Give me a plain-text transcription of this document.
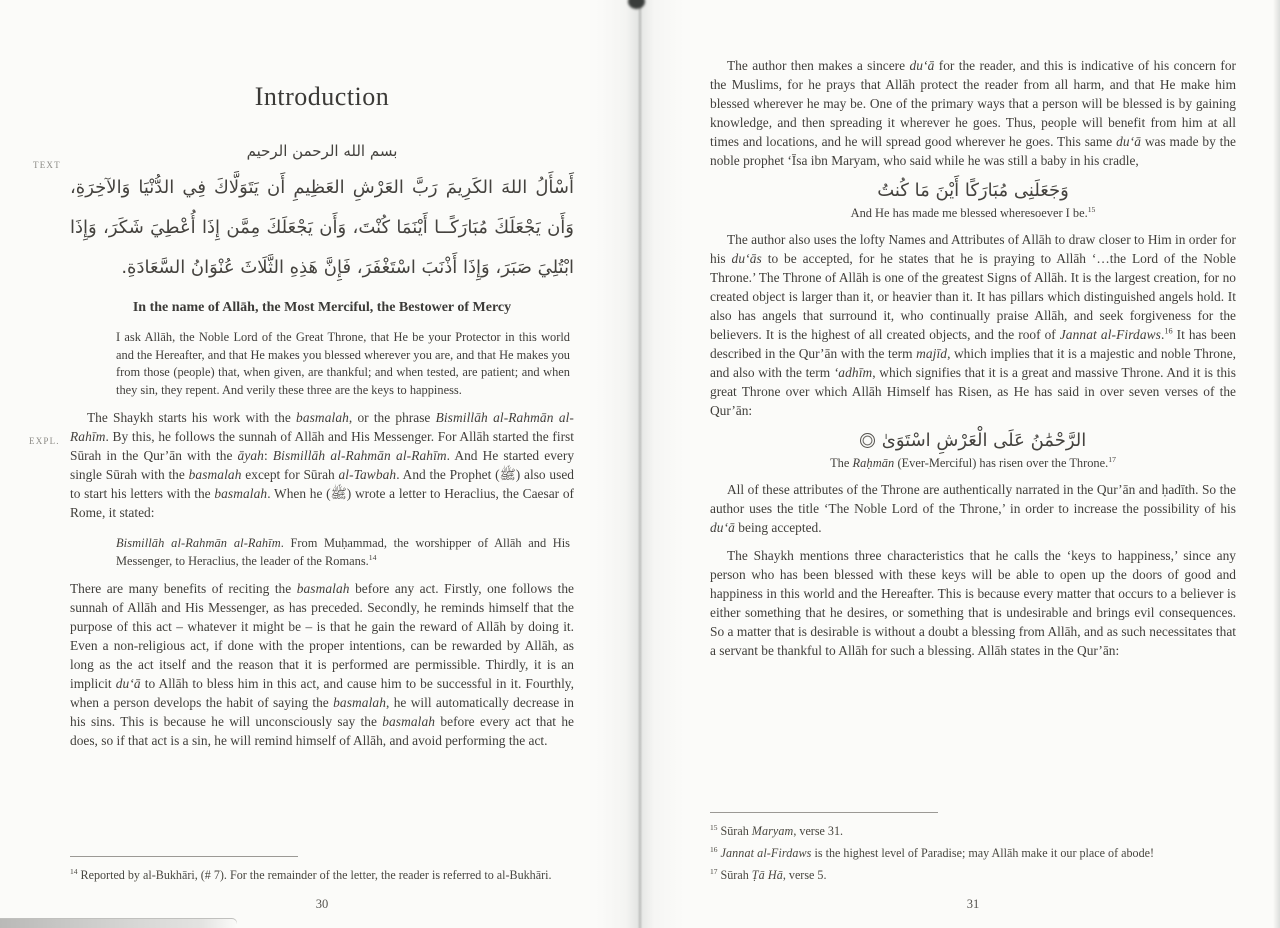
Introduction
بسم الله الرحمن الرحيم
أَسْأَلُ اللهَ الكَرِيمَ رَبَّ العَرْشِ العَظِيمِ أَن يَتَوَلَّاكَ فِي الدُّنْيَا وَالآخِرَةِ، وَأَن يَجْعَلَكَ مُبَارَكًــا أَيْنَمَا كُنْتَ، وَأَن يَجْعَلَكَ مِمَّن إِذَا أُعْطِيَ شَكَرَ، وَإِذَا ابْتُلِيَ صَبَرَ، وَإِذَا أَذْنَبَ اسْتَغْفَرَ، فَإِنَّ هَذِهِ الثَّلَاثَ عُنْوَانُ السَّعَادَةِ.
In the name of Allāh, the Most Merciful, the Bestower of Mercy
I ask Allāh, the Noble Lord of the Great Throne, that He be your Protector in this world and the Hereafter, and that He makes you blessed wherever you are, and that He makes you from those (people) that, when given, are thankful; and when tested, are patient; and when they sin, they repent. And verily these three are the keys to happiness.
The Shaykh starts his work with the basmalah, or the phrase Bismillāh al-Rahmān al-Rahīm. By this, he follows the sunnah of Allāh and His Messenger. For Allāh started the first Sūrah in the Qur’ān with the āyah: Bismillāh al-Rahmān al-Rahīm. And He started every single Sūrah with the basmalah except for Sūrah al-Tawbah. And the Prophet (ﷺ) also used to start his letters with the basmalah. When he (ﷺ) wrote a letter to Heraclius, the Caesar of Rome, it stated:
Bismillāh al-Rahmān al-Rahīm. From Muḥammad, the worshipper of Allāh and His Messenger, to Heraclius, the leader of the Romans.$^{14}$
There are many benefits of reciting the basmalah before any act. Firstly, one follows the sunnah of Allāh and His Messenger, as has preceded. Secondly, he reminds himself that the purpose of this act – whatever it might be – is that he gain the reward of Allāh by doing it. Even a non-religious act, if done with the proper intentions, can be rewarded by Allāh, as long as the act itself and the reason that it is performed are permissible. Thirdly, it is an implicit du‘ā to Allāh to bless him in this act, and cause him to be successful in it. Fourthly, when a person develops the habit of saying the basmalah, he will automatically decrease in his sins. This is because he will unconsciously say the basmalah before every act that he does, so if that act is a sin, he will remind himself of Allāh, and avoid performing the act.
$^{14}$ Reported by al-Bukhāri, (# 7). For the remainder of the letter, the reader is referred to al-Bukhāri.
30
The author then makes a sincere du‘ā for the reader, and this is indicative of his concern for the Muslims, for he prays that Allāh protect the reader from all harm, and that He make him blessed wherever he may be. One of the primary ways that a person will be blessed is by gaining knowledge, and then spreading it wherever he goes. Thus, people will benefit from him at all times and locations, and he will spread good wherever he goes. This same du‘ā was made by the noble prophet ‘Īsa ibn Maryam, who said while he was still a baby in his cradle,
وَجَعَلَنِى مُبَارَكًا أَيْنَ مَا كُنتُ
And He has made me blessed wheresoever I be.$^{15}$
The author also uses the lofty Names and Attributes of Allāh to draw closer to Him in order for his du‘ās to be accepted, for he states that he is praying to Allāh ‘…the Lord of the Noble Throne.’ The Throne of Allāh is one of the greatest Signs of Allāh. It is the largest creation, for no created object is larger than it, or heavier than it. It has pillars which distinguished angels hold. It also has angels that surround it, who continually praise Allāh, and seek forgiveness for the believers. It is the highest of all created objects, and the roof of Jannat al-Firdaws.$^{16}$ It has been described in the Qur’ān with the term majīd, which implies that it is a majestic and noble Throne, and also with the term ‘adhīm, which signifies that it is a great and massive Throne. And it is this great Throne over which Allāh Himself has Risen, as He has said in over seven verses of the Qur’ān:
الرَّحْمَٰنُ عَلَى الْعَرْشِ اسْتَوَىٰ
The Raḥmān (Ever-Merciful) has risen over the Throne.$^{17}$
All of these attributes of the Throne are authentically narrated in the Qur’ān and ḥadīth. So the author uses the title ‘The Noble Lord of the Throne,’ in order to increase the possibility of his du‘ā being accepted.
The Shaykh mentions three characteristics that he calls the ‘keys to happiness,’ since any person who has been blessed with these keys will be able to open up the doors of good and happiness in this world and the Hereafter. This is because every matter that occurs to a believer is either something that he desires, or something that is undesirable and brings evil consequences. So a matter that is desirable is without a doubt a blessing from Allāh, and as such necessitates that a servant be thankful to Allāh for such a blessing. Allāh states in the Qur’ān:
$^{15}$ Sūrah Maryam, verse 31.
$^{16}$ Jannat al-Firdaws is the highest level of Paradise; may Allāh make it our place of abode!
$^{17}$ Sūrah Ṭā Hā, verse 5.
31
TEXT
EXPL.
